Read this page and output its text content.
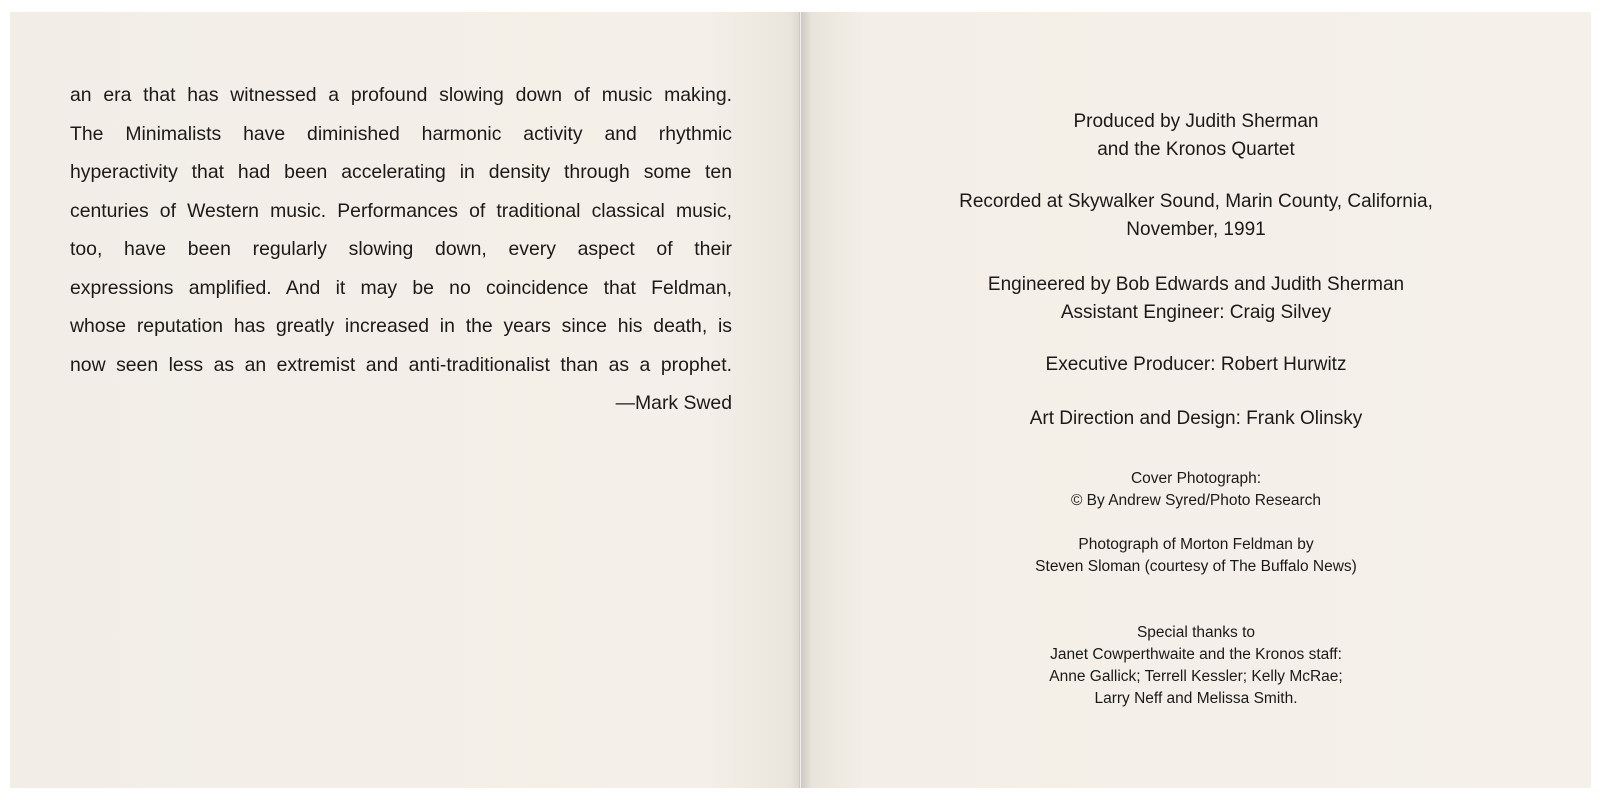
an era that has witnessed a profound slowing down of music making.
The Minimalists have diminished harmonic activity and rhythmic
hyperactivity that had been accelerating in density through some ten
centuries of Western music. Performances of traditional classical music,
too, have been regularly slowing down, every aspect of their
expressions amplified. And it may be no coincidence that Feldman,
whose reputation has greatly increased in the years since his death, is
now seen less as an extremist and anti-traditionalist than as a prophet.
—Mark Swed
Produced by Judith Sherman
and the Kronos Quartet
Recorded at Skywalker Sound, Marin County, California,
November, 1991
Engineered by Bob Edwards and Judith Sherman
Assistant Engineer: Craig Silvey
Executive Producer: Robert Hurwitz
Art Direction and Design: Frank Olinsky
Cover Photograph:
© By Andrew Syred/Photo Research
Photograph of Morton Feldman by
Steven Sloman (courtesy of The Buffalo News)
Special thanks to
Janet Cowperthwaite and the Kronos staff:
Anne Gallick; Terrell Kessler; Kelly McRae;
Larry Neff and Melissa Smith.
